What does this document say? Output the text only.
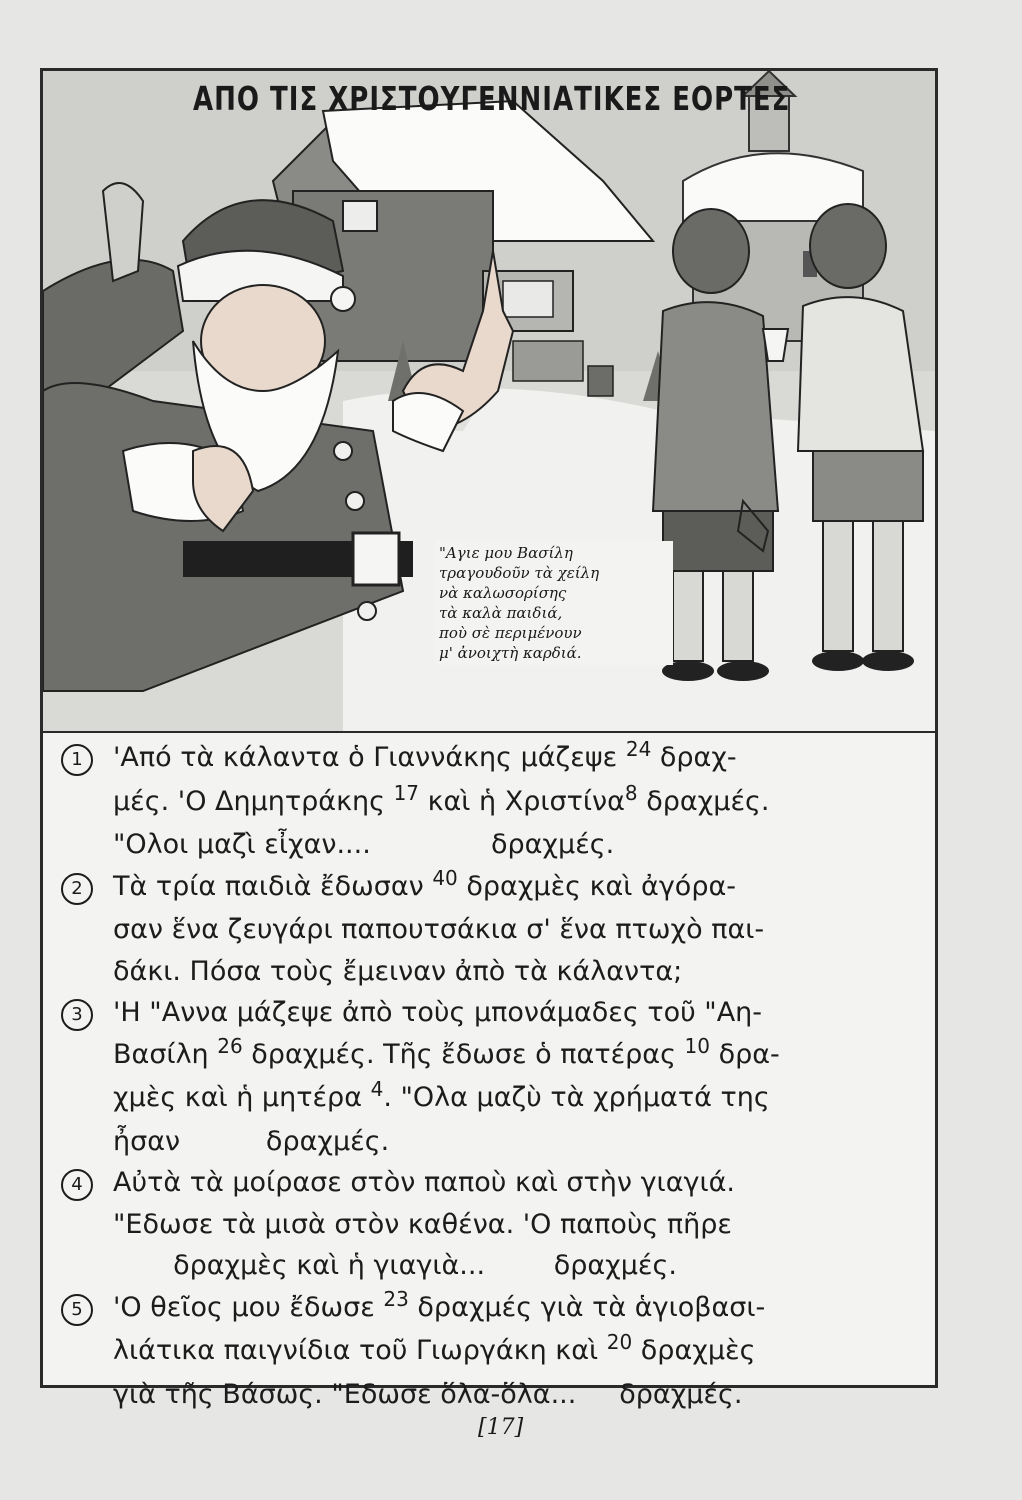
ΑΠΟ ΤΙΣ ΧΡΙΣΤΟΥΓΕΝΝΙΑΤΙΚΕΣ ΕΟΡΤΕΣ
"Αγιε μου Βασίλη
τραγουδοῦν τὰ χείλη
νὰ καλωσορίσης
τὰ καλὰ παιδιά,
ποὺ σὲ περιμένουν
μ' ἀνοιχτὴ καρδιά.
1	'Από τὰ κάλαντα ὁ Γιαννάκης μάζεψε $^{24}$ δραχ-
μές. 'Ο Δημητράκης $^{17}$ καὶ ἡ Χριστίνα$^8$ δραχμές.
"Ολοι μαζὶ εἶχαν....              δραχμές.
2	Τὰ τρία παιδιὰ ἔδωσαν $^{40}$ δραχμὲς καὶ ἀγόρα-
σαν ἕνα ζευγάρι παπουτσάκια σ' ἕνα πτωχὸ παι-
δάκι. Πόσα τοὺς ἔμειναν ἀπὸ τὰ κάλαντα;
3	'Η "Αννα μάζεψε ἀπὸ τοὺς μπονάμαδες τοῦ "Αη-
Βασίλη $^{26}$ δραχμές. Τῆς ἔδωσε ὁ πατέρας $^{10}$ δρα-
χμὲς καὶ ἡ μητέρα $^4$. "Ολα μαζὺ τὰ χρήματά της
ἦσαν          δραχμές.
4	Αὐτὰ τὰ μοίρασε στὸν παποὺ καὶ στὴν γιαγιά.
"Εδωσε τὰ μισὰ στὸν καθένα. 'Ο παποὺς πῆρε
δραχμὲς καὶ ἡ γιαγιὰ...        δραχμές.
5	'Ο θεῖος μου ἔδωσε $^{23}$ δραχμές γιὰ τὰ ἁγιοβασι-
λιάτικα παιγνίδια τοῦ Γιωργάκη καὶ $^{20}$ δραχμὲς
γιὰ τῆς Βάσως. "Εδωσε ὅλα-ὅλα...     δραχμές.
[17]
